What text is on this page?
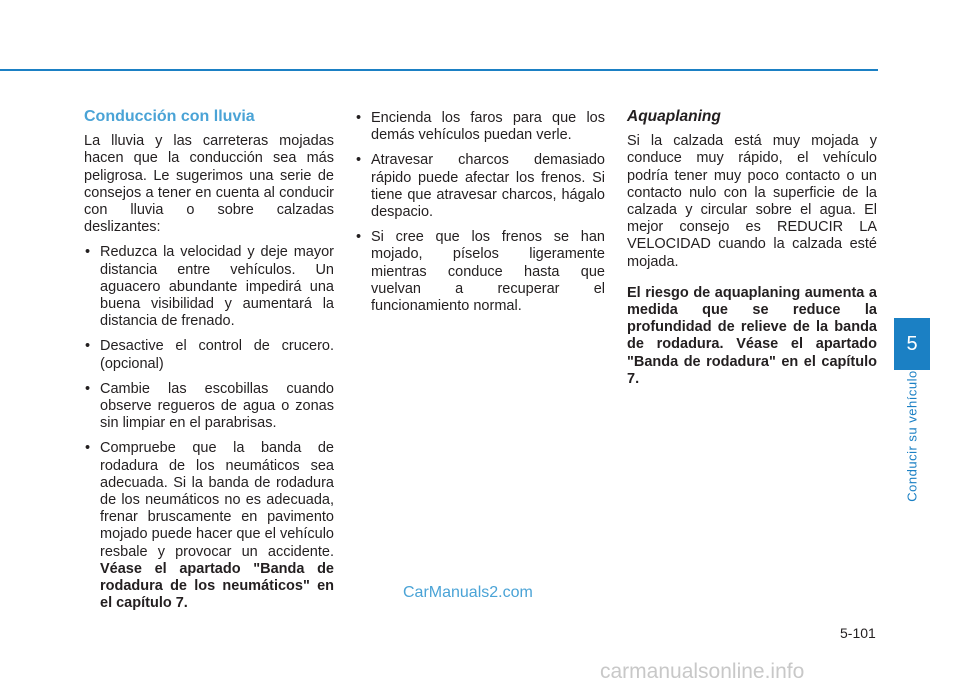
5
Conducir su vehículo
Conducción con lluvia

La lluvia y las carreteras mojadas hacen que la conducción sea más peligrosa. Le sugerimos una serie de consejos a tener en cuenta al conducir con lluvia o sobre calzadas deslizantes:

• Reduzca la velocidad y deje mayor distancia entre vehículos. Un aguacero abundante impedirá una buena visibilidad y aumentará la distancia de frenado.
• Desactive el control de crucero. (opcional)
• Cambie las escobillas cuando observe regueros de agua o zonas sin limpiar en el parabrisas.
• Compruebe que la banda de rodadura de los neumáticos sea adecuada. Si la banda de rodadura de los neumáticos no es adecuada, frenar bruscamente en pavimento mojado puede hacer que el vehículo resbale y provocar un accidente. Véase el apartado "Banda de rodadura de los neumáticos" en el capítulo 7.
• Encienda los faros para que los demás vehículos puedan verle.
• Atravesar charcos demasiado rápido puede afectar los frenos. Si tiene que atravesar charcos, hágalo despacio.
• Si cree que los frenos se han mojado, píselos ligeramente mientras conduce hasta que vuelvan a recuperar el funcionamiento normal.
Aquaplaning

Si la calzada está muy mojada y conduce muy rápido, el vehículo podría tener muy poco contacto o un contacto nulo con la superficie de la calzada y circular sobre el agua. El mejor consejo es REDUCIR LA VELOCIDAD cuando la calzada esté mojada.

El riesgo de aquaplaning aumenta a medida que se reduce la profundidad de relieve de la banda de rodadura. Véase el apartado "Banda de rodadura" en el capítulo 7.

CarManuals2.com
5-101
carmanualsonline.info
